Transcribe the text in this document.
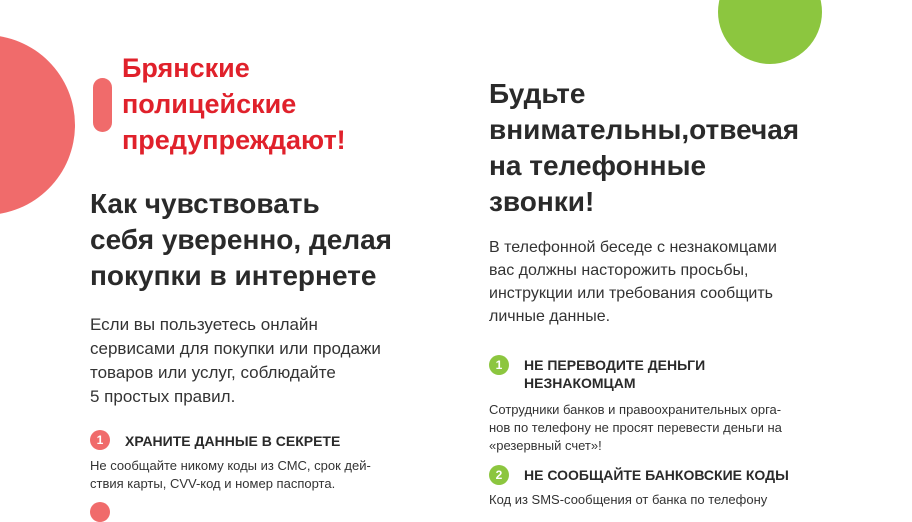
Брянские
полицейские
предупреждают!
Как чувствовать
себя уверенно, делая
покупки в интернете
Если вы пользуетесь онлайн
сервисами для покупки или продажи
товаров или услуг, соблюдайте
5 простых правил.
1	ХРАНИТЕ ДАННЫЕ В СЕКРЕТЕ
Не сообщайте никому коды из СМС, срок дей-
ствия карты, CVV-код и номер паспорта.
Будьте
внимательны,отвечая
на телефонные
звонки!
В телефонной беседе с незнакомцами
вас должны насторожить просьбы,
инструкции или требования сообщить
личные данные.
1	НЕ ПЕРЕВОДИТЕ ДЕНЬГИ
НЕЗНАКОМЦАМ
Сотрудники банков и правоохранительных орга-
нов по телефону не просят перевести деньги на
«резервный счет»!
2	НЕ СООБЩАЙТЕ БАНКОВСКИЕ КОДЫ
Код из SMS-сообщения от банка по телефону
